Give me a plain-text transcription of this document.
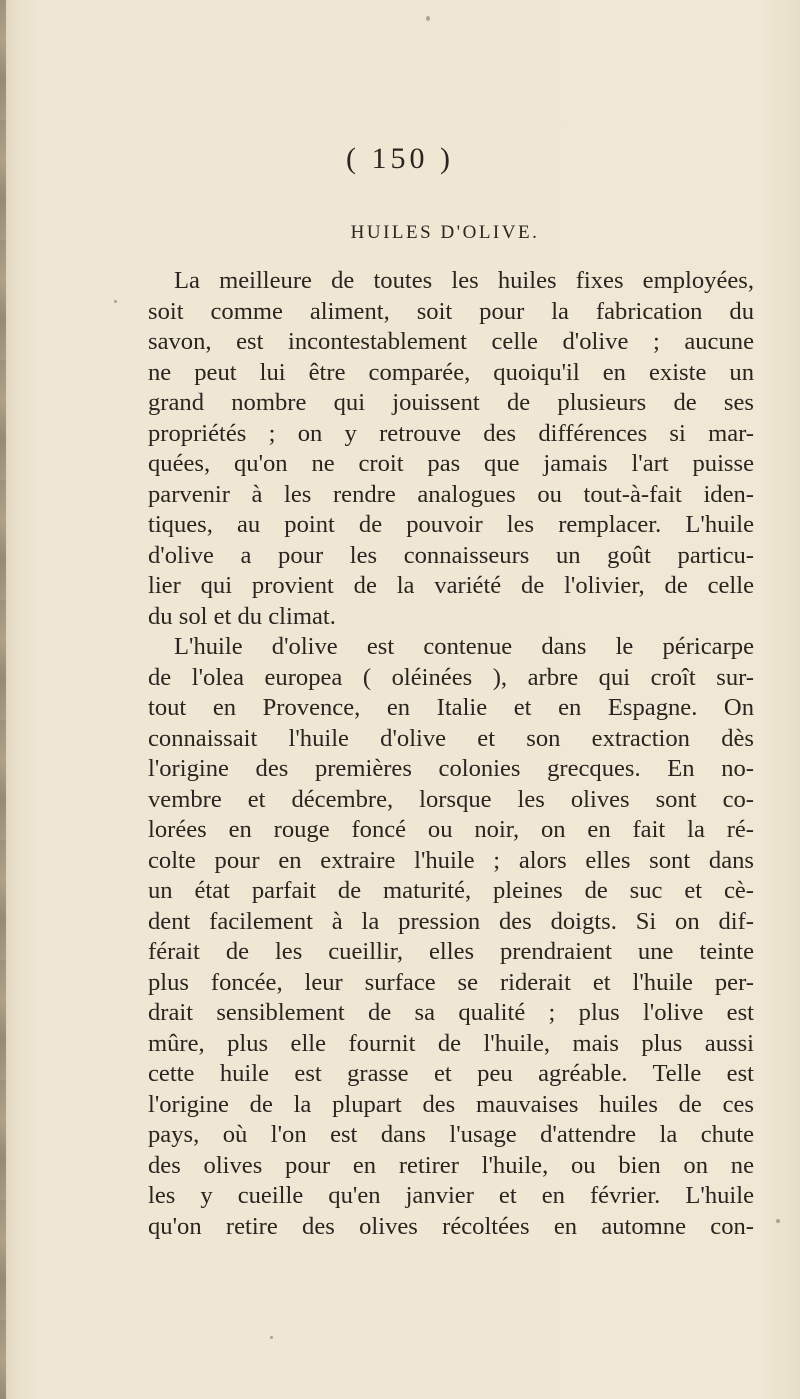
( 150 )
HUILES D'OLIVE.
La meilleure de toutes les huiles fixes employées,
soit comme aliment, soit pour la fabrication du
savon, est incontestablement celle d'olive ; aucune
ne peut lui être comparée, quoiqu'il en existe un
grand nombre qui jouissent de plusieurs de ses
propriétés ; on y retrouve des différences si mar-
quées, qu'on ne croit pas que jamais l'art puisse
parvenir à les rendre analogues ou tout-à-fait iden-
tiques, au point de pouvoir les remplacer. L'huile
d'olive a pour les connaisseurs un goût particu-
lier qui provient de la variété de l'olivier, de celle
du sol et du climat.
L'huile d'olive est contenue dans le péricarpe
de l'olea europea ( oléinées ), arbre qui croît sur-
tout en Provence, en Italie et en Espagne. On
connaissait l'huile d'olive et son extraction dès
l'origine des premières colonies grecques. En no-
vembre et décembre, lorsque les olives sont co-
lorées en rouge foncé ou noir, on en fait la ré-
colte pour en extraire l'huile ; alors elles sont dans
un état parfait de maturité, pleines de suc et cè-
dent facilement à la pression des doigts. Si on dif-
férait de les cueillir, elles prendraient une teinte
plus foncée, leur surface se riderait et l'huile per-
drait sensiblement de sa qualité ; plus l'olive est
mûre, plus elle fournit de l'huile, mais plus aussi
cette huile est grasse et peu agréable. Telle est
l'origine de la plupart des mauvaises huiles de ces
pays, où l'on est dans l'usage d'attendre la chute
des olives pour en retirer l'huile, ou bien on ne
les y cueille qu'en janvier et en février. L'huile
qu'on retire des olives récoltées en automne con-
